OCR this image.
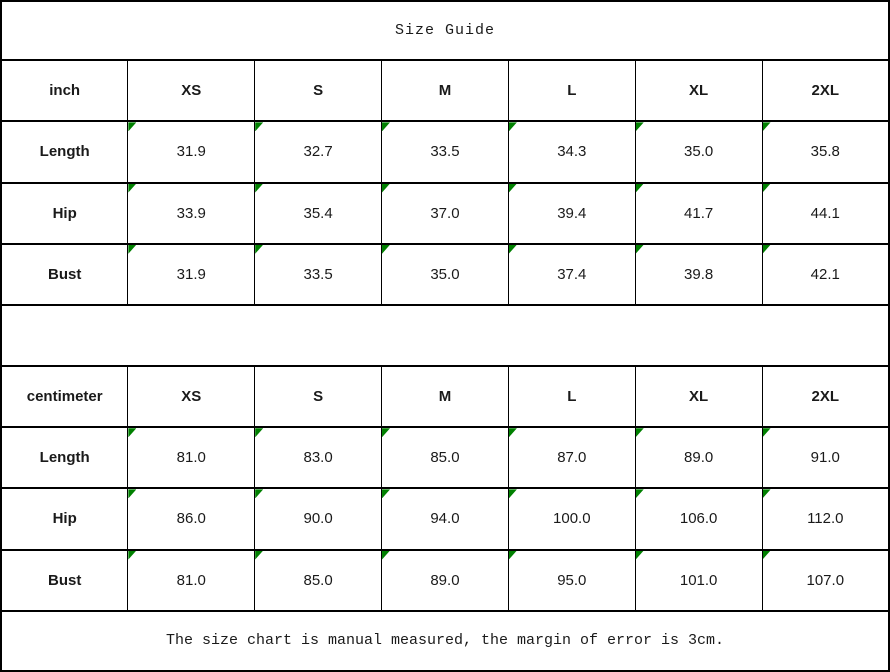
Size Guide						
inch	XS	S	M	L	XL	2XL
Length	31.9	32.7	33.5	34.3	35.0	35.8
Hip	33.9	35.4	37.0	39.4	41.7	44.1
Bust	31.9	33.5	35.0	37.4	39.8	42.1

centimeter	XS	S	M	L	XL	2XL
Length	81.0	83.0	85.0	87.0	89.0	91.0
Hip	86.0	90.0	94.0	100.0	106.0	112.0
Bust	81.0	85.0	89.0	95.0	101.0	107.0
The size chart is manual measured, the margin of error is 3cm.						
